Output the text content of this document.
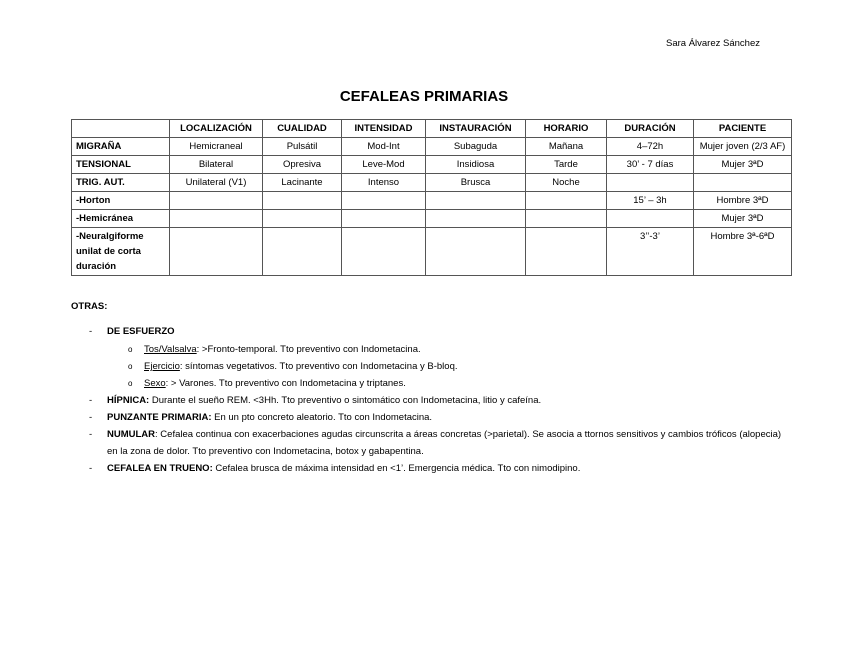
Sara Álvarez Sánchez
CEFALEAS PRIMARIAS
	LOCALIZACIÓN	CUALIDAD	INTENSIDAD	INSTAURACIÓN	HORARIO	DURACIÓN	PACIENTE
MIGRAÑA	Hemicraneal	Pulsátil	Mod-Int	Subaguda	Mañana	4–72h	Mujer joven (2/3 AF)
TENSIONAL	Bilateral	Opresiva	Leve-Mod	Insidiosa	Tarde	30’ - 7 días	Mujer 3ªD
TRIG. AUT.	Unilateral (V1)	Lacinante	Intenso	Brusca	Noche		
-Horton						15’ – 3h	Hombre 3ªD
-Hemicránea							Mujer 3ªD
-Neuralgiforme unilat de corta duración						3’’-3’	Hombre 3ª-6ªD
OTRAS:
- DE ESFUERZO
o Tos/Valsalva: >Fronto-temporal. Tto preventivo con Indometacina.
o Ejercicio: síntomas vegetativos. Tto preventivo con Indometacina y B-bloq.
o Sexo: > Varones. Tto preventivo con Indometacina y triptanes.
- HÍPNICA: Durante el sueño REM. <3Hh. Tto preventivo o sintomático con Indometacina, litio y cafeína.
- PUNZANTE PRIMARIA: En un pto concreto aleatorio. Tto con Indometacina.
- NUMULAR: Cefalea continua con exacerbaciones agudas circunscrita a áreas concretas (>parietal). Se asocia a ttornos sensitivos y cambios tróficos (alopecia) en la zona de dolor. Tto preventivo con Indometacina, botox y gabapentina.
- CEFALEA EN TRUENO: Cefalea brusca de máxima intensidad en <1’. Emergencia médica. Tto con nimodipino.
